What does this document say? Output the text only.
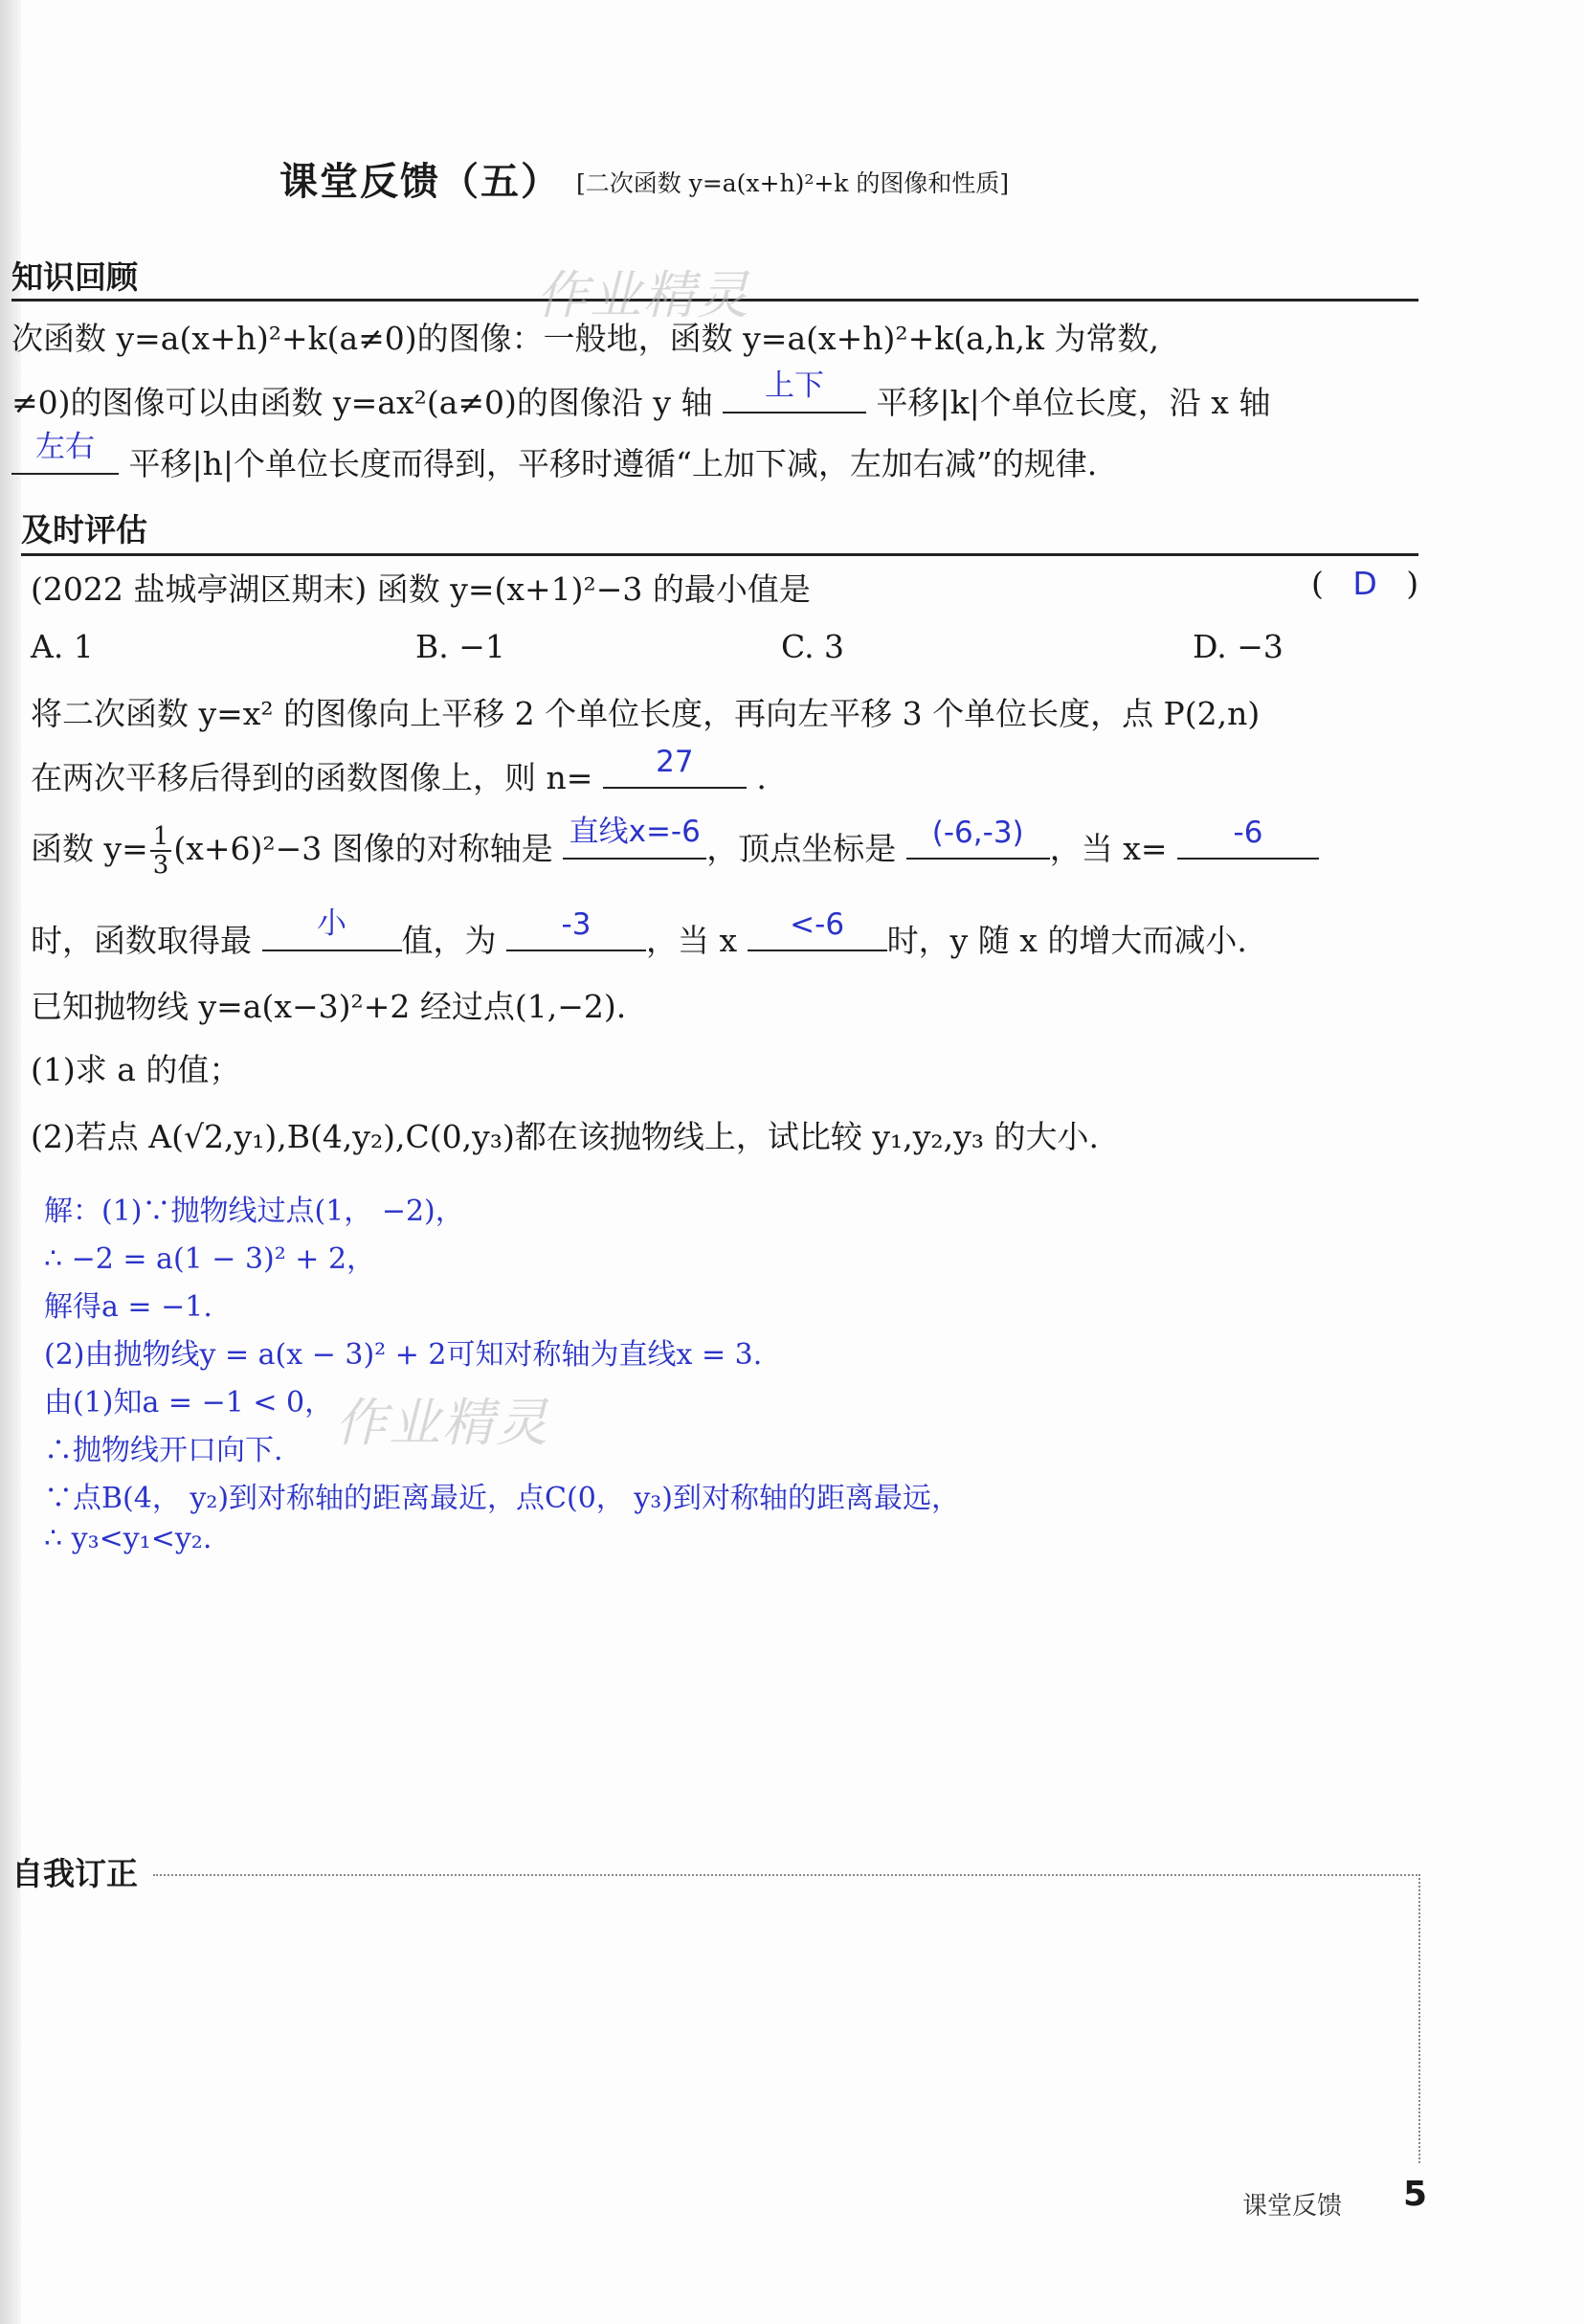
课堂反馈（五） [二次函数 y=a(x+h)²+k 的图像和性质]
知识回顾	作业精灵
次函数 y=a(x+h)²+k(a≠0)的图像：一般地，函数 y=a(x+h)²+k(a,h,k 为常数,
≠0)的图像可以由函数 y=ax²(a≠0)的图像沿 y 轴	上下	平移|k|个单位长度，沿 x 轴
左右	平移|h|个单位长度而得到，平移时遵循“上加下减，左加右减”的规律.
及时评估
(2022 盐城亭湖区期末) 函数 y=(x+1)²−3 的最小值是	( D )
A. 1	B. −1	C. 3	D. −3
将二次函数 y=x² 的图像向上平移 2 个单位长度，再向左平移 3 个单位长度，点 P(2,n)
在两次平移后得到的函数图像上，则 n=	27	.
函数 $y= \frac{1}{3} (x+6)^2-3$ 图像的对称轴是 直线x=-6 ，顶点坐标是	(-6,-3) ，当 x=	-6
时，函数取得最	小	值，为	-3	，当 x	<-6	时，y 随 x 的增大而减小.
已知抛物线 y=a(x−3)²+2 经过点(1,−2).
(1)求 a 的值；
(2)若点 A(√2,y₁),B(4,y₂),C(0,y₃)都在该抛物线上，试比较 y₁,y₂,y₃ 的大小.
解：(1)∵抛物线过点(1， −2)，
∴ −2 = a(1 − 3)² + 2，
解得a = −1.
(2)由抛物线y = a(x − 3)² + 2可知对称轴为直线x = 3.
由(1)知a = −1 < 0，
∴抛物线开口向下.
∵点B(4， y₂)到对称轴的距离最近，点C(0， y₃)到对称轴的距离最远，
∴ y₃<y₁<y₂.
作业精灵
自我订正
课堂反馈 5
